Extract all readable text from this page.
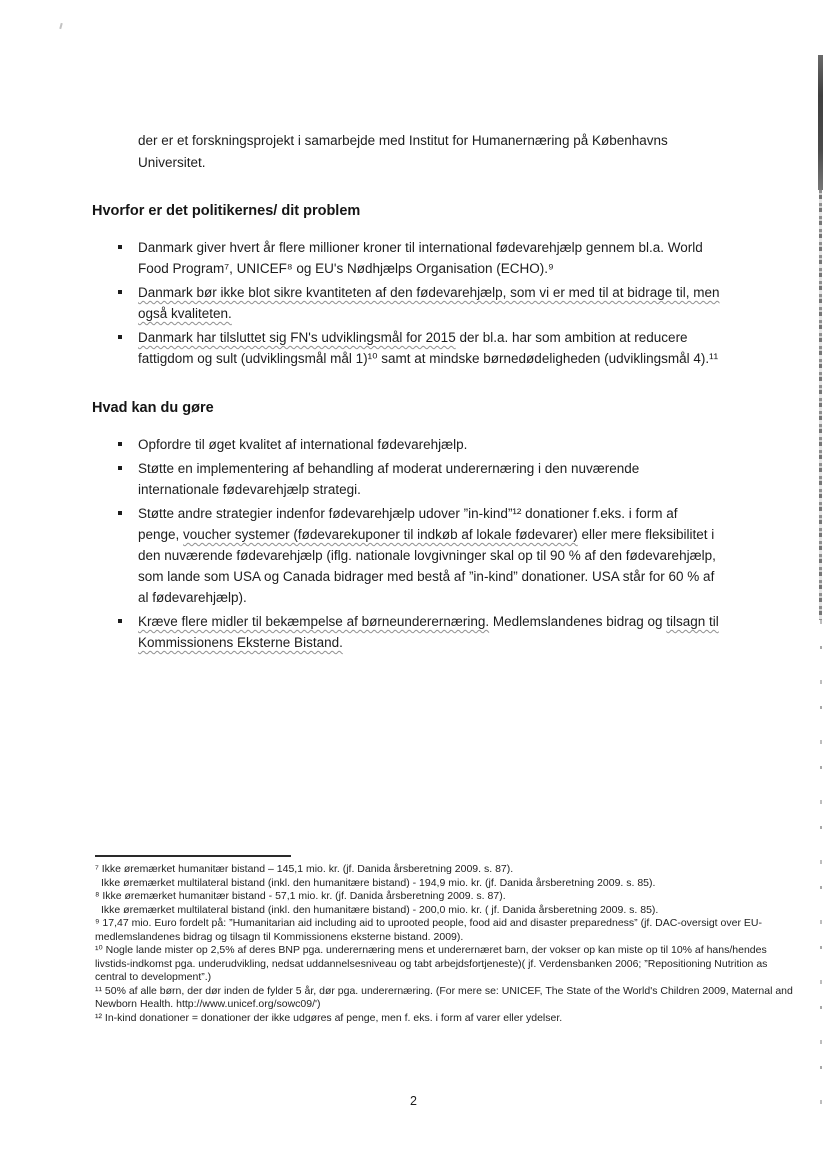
der er et forskningsprojekt i samarbejde med Institut for Humanernæring på Københavns Universitet.

Hvorfor er det politikernes/ dit problem
Danmark giver hvert år flere millioner kroner til international fødevarehjælp gennem bl.a. World Food Program⁷, UNICEF⁸ og EU's Nødhjælps Organisation (ECHO).⁹
Danmark bør ikke blot sikre kvantiteten af den fødevarehjælp, som vi er med til at bidrage til, men også kvaliteten.
Danmark har tilsluttet sig FN's udviklingsmål for 2015 der bl.a. har som ambition at reducere fattigdom og sult (udviklingsmål mål 1)¹⁰ samt at mindske børnedødeligheden (udviklingsmål 4).¹¹
Hvad kan du gøre
Opfordre til øget kvalitet af international fødevarehjælp.
Støtte en implementering af behandling af moderat underernæring i den nuværende internationale fødevarehjælp strategi.
Støtte andre strategier indenfor fødevarehjælp udover ”in-kind”¹² donationer f.eks. i form af penge, voucher systemer (fødevarekuponer til indkøb af lokale fødevarer) eller mere fleksibilitet i den nuværende fødevarehjælp (iflg. nationale lovgivninger skal op til 90 % af den fødevarehjælp, som lande som USA og Canada bidrager med bestå af ”in-kind” donationer. USA står for 60 % af al fødevarehjælp).
Kræve flere midler til bekæmpelse af børneunderernæring. Medlemslandenes bidrag og tilsagn til Kommissionens Eksterne Bistand.

⁷ Ikke øremærket humanitær bistand – 145,1 mio. kr. (jf. Danida årsberetning 2009. s. 87).

Ikke øremærket multilateral bistand (inkl. den humanitære bistand) - 194,9 mio. kr. (jf. Danida årsberetning 2009. s. 85).

⁸ Ikke øremærket humanitær bistand - 57,1 mio. kr. (jf. Danida årsberetning 2009. s. 87).

Ikke øremærket multilateral bistand (inkl. den humanitære bistand) - 200,0 mio. kr. ( jf. Danida årsberetning 2009. s. 85).

⁹ 17,47 mio. Euro fordelt på: ”Humanitarian aid including aid to uprooted people, food aid and disaster preparedness” (jf. DAC-oversigt over EU-medlemslandenes bidrag og tilsagn til Kommissionens eksterne bistand. 2009).

¹⁰ Nogle lande mister op 2,5% af deres BNP pga. underernæring mens et underernæret barn, der vokser op kan miste op til 10% af hans/hendes livstids-indkomst pga. underudvikling, nedsat uddannelsesniveau og tabt arbejdsfortjeneste)( jf. Verdensbanken 2006; ”Repositioning Nutrition as central to development”.)

¹¹ 50% af alle børn, der dør inden de fylder 5 år, dør pga. underernæring. (For mere se: UNICEF, The State of the World's Children 2009, Maternal and Newborn Health. http://www.unicef.org/sowc09/')

¹² In-kind donationer = donationer der ikke udgøres af penge, men f. eks. i form af varer eller ydelser.

2
